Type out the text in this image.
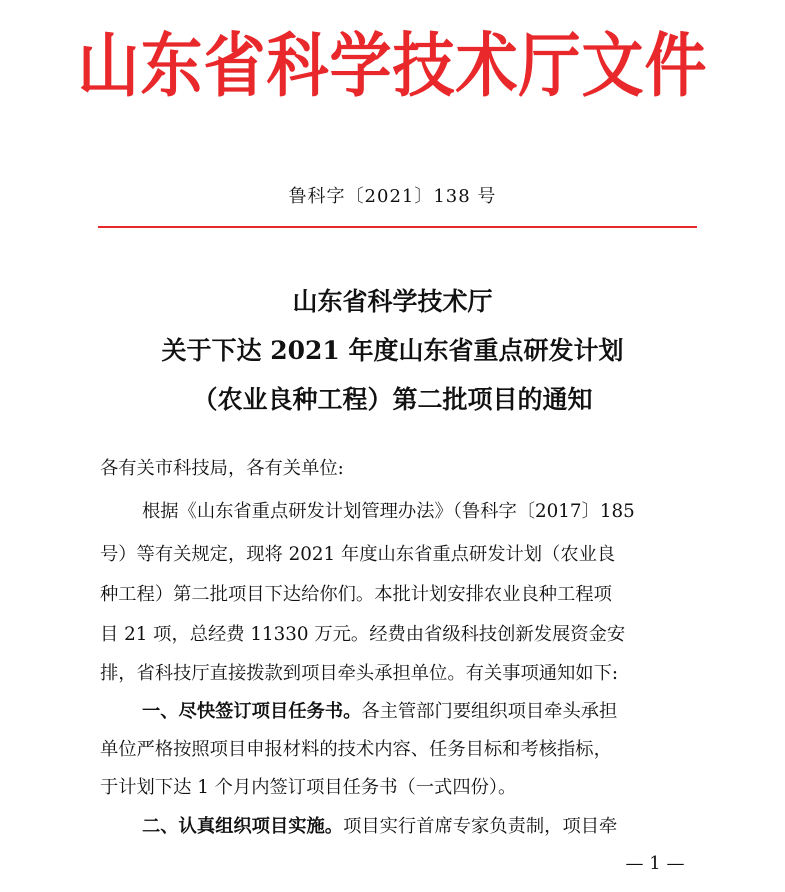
山东省科学技术厅文件
鲁科字〔2021〕138 号
山东省科学技术厅
关于下达 2021 年度山东省重点研发计划
（农业良种工程）第二批项目的通知
各有关市科技局，各有关单位:
根据《山东省重点研发计划管理办法》（鲁科字〔2017〕185
号）等有关规定，现将 2021 年度山东省重点研发计划（农业良
种工程）第二批项目下达给你们。本批计划安排农业良种工程项
目 21 项，总经费 11330 万元。经费由省级科技创新发展资金安
排，省科技厅直接拨款到项目牵头承担单位。有关事项通知如下:
一、尽快签订项目任务书。各主管部门要组织项目牵头承担
单位严格按照项目申报材料的技术内容、任务目标和考核指标，
于计划下达 1 个月内签订项目任务书（一式四份）。
二、认真组织项目实施。项目实行首席专家负责制，项目牵
— 1 —
